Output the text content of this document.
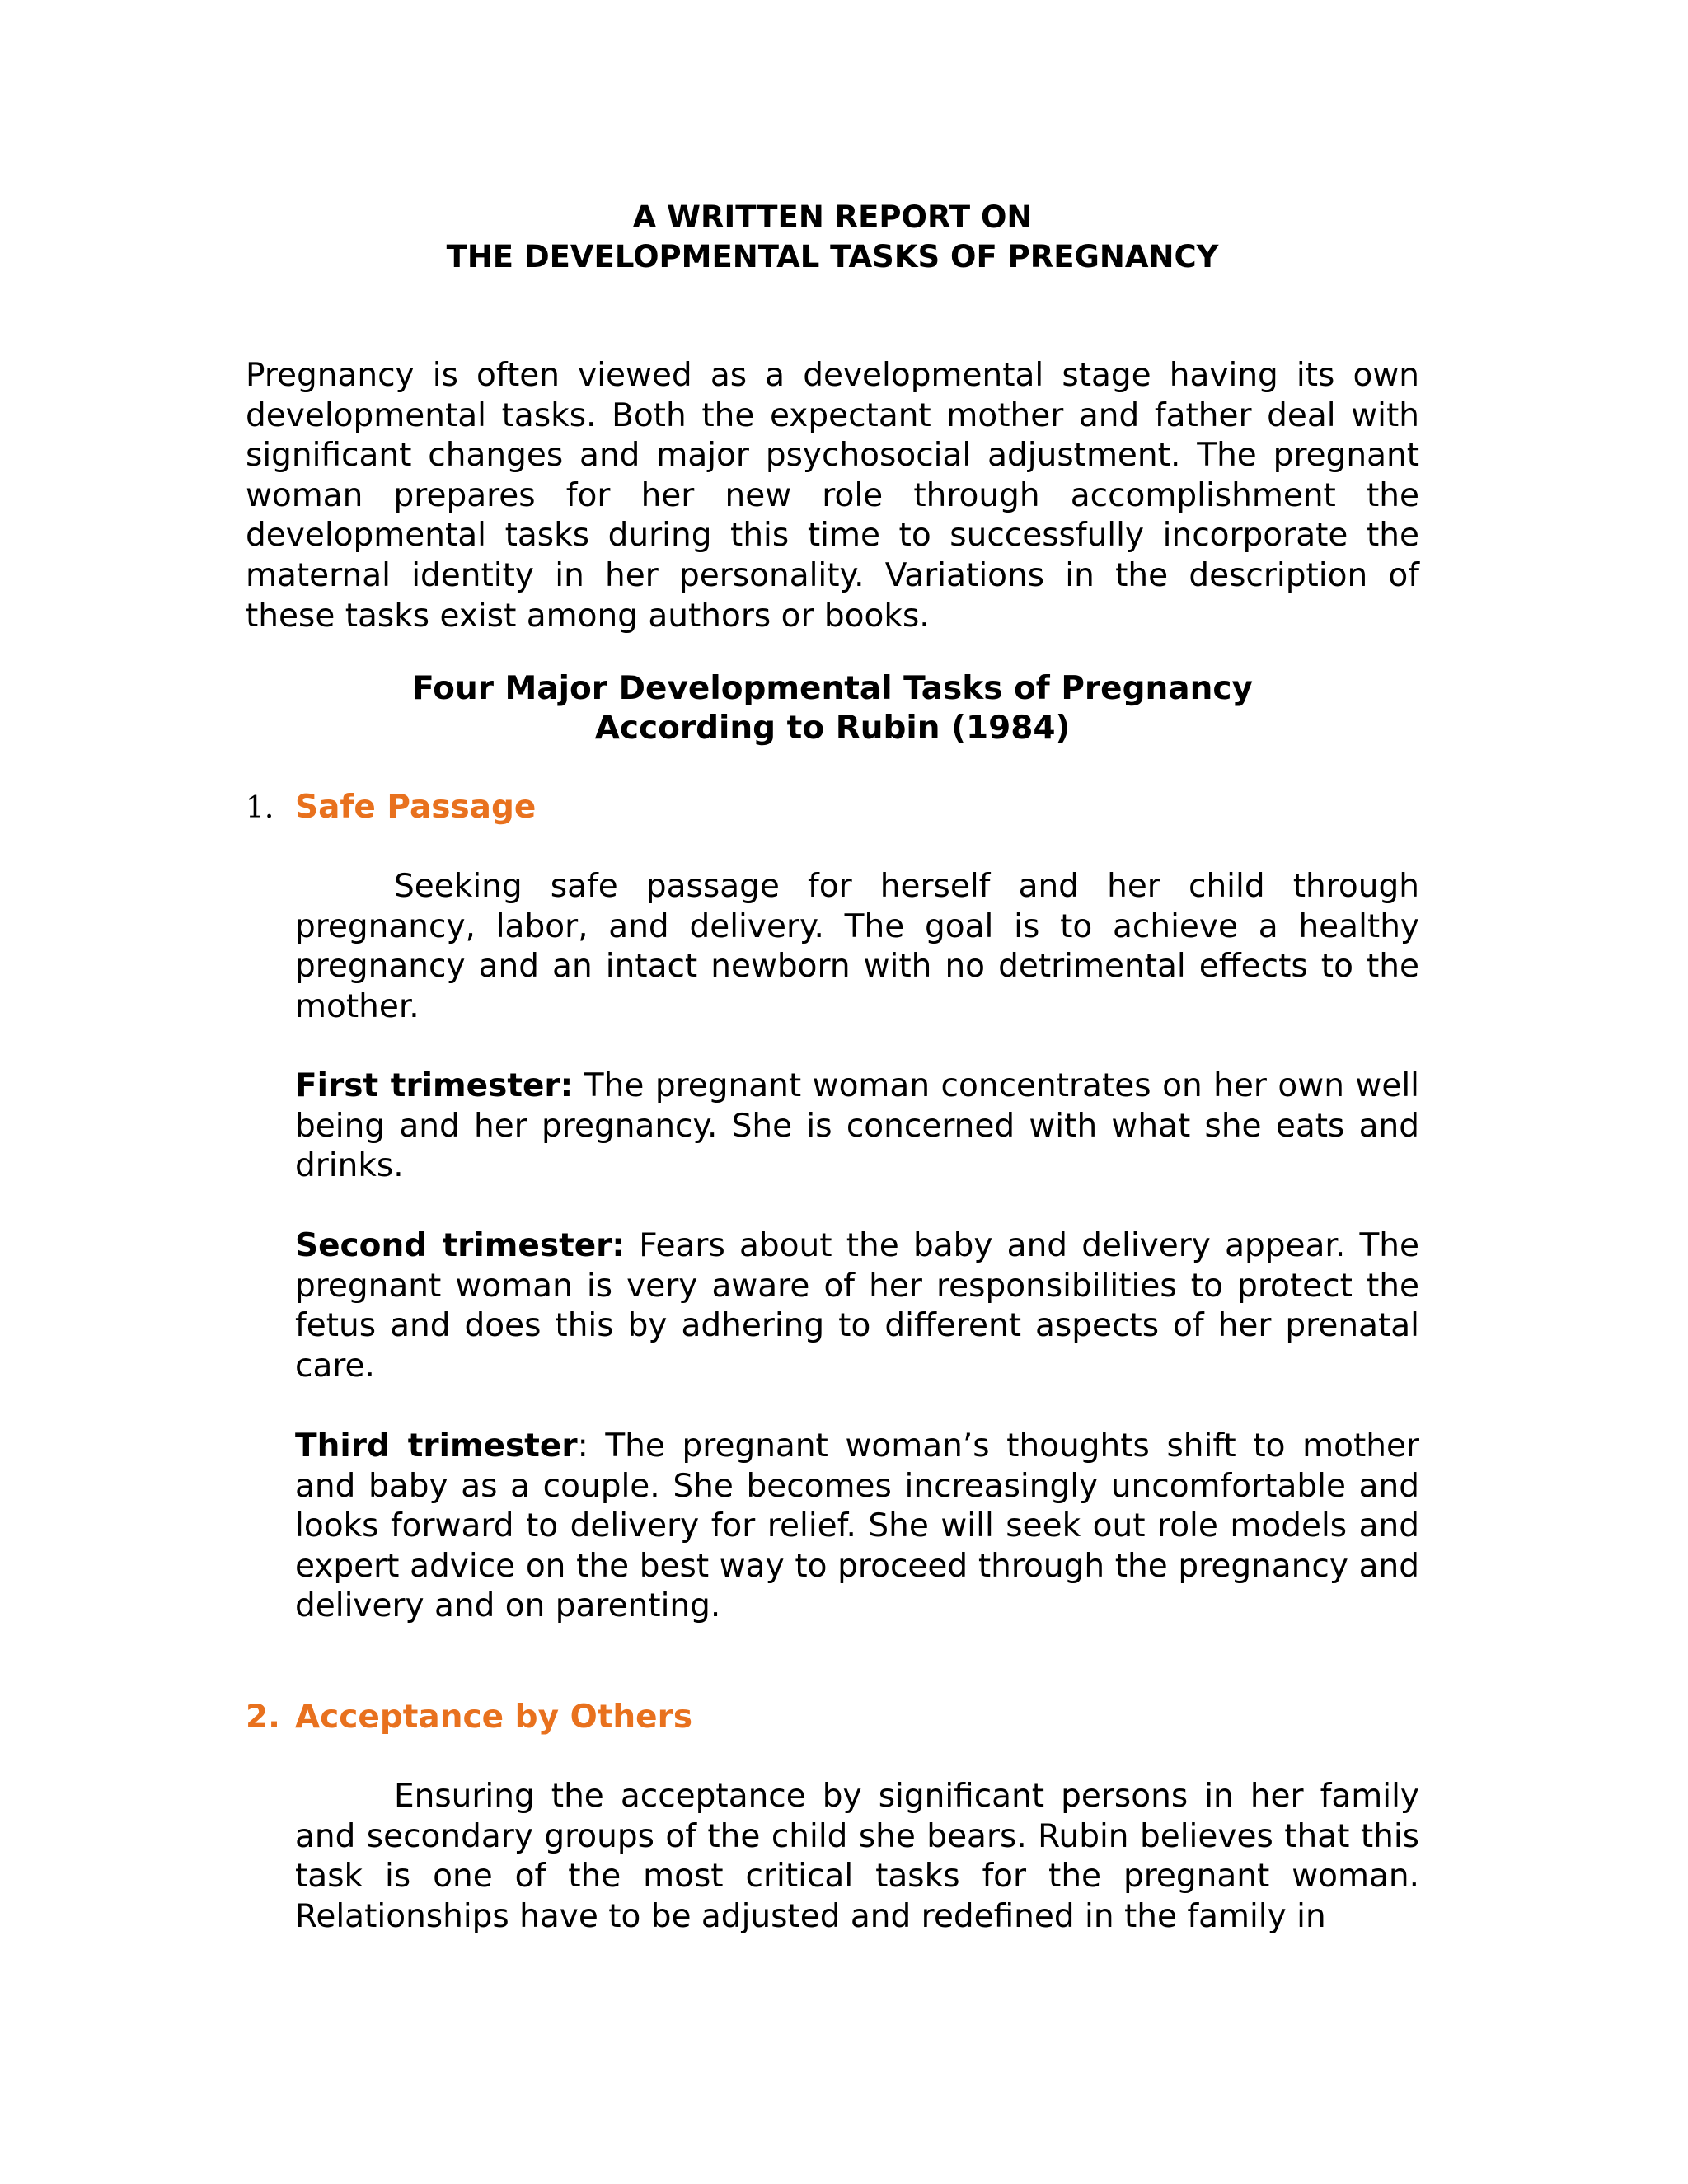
A WRITTEN REPORT ON
THE DEVELOPMENTAL TASKS OF PREGNANCY

Pregnancy is often viewed as a developmental stage having its own developmental tasks. Both the expectant mother and father deal with significant changes and major psychosocial adjustment. The pregnant woman prepares for her new role through accomplishment the developmental tasks during this time to successfully incorporate the maternal identity in her personality. Variations in the description of these tasks exist among authors or books.

Four Major Developmental Tasks of Pregnancy
According to Rubin (1984)
1. Safe Passage

Seeking safe passage for herself and her child through pregnancy, labor, and delivery. The goal is to achieve a healthy pregnancy and an intact newborn with no detrimental effects to the mother.

First trimester: The pregnant woman concentrates on her own well being and her pregnancy. She is concerned with what she eats and drinks.

Second trimester: Fears about the baby and delivery appear. The pregnant woman is very aware of her responsibilities to protect the fetus and does this by adhering to different aspects of her prenatal care.

Third trimester: The pregnant woman’s thoughts shift to mother and baby as a couple. She becomes increasingly uncomfortable and looks forward to delivery for relief. She will seek out role models and expert advice on the best way to proceed through the pregnancy and delivery and on parenting.

2. Acceptance by Others

Ensuring the acceptance by significant persons in her family and secondary groups of the child she bears. Rubin believes that this task is one of the most critical tasks for the pregnant woman. Relationships have to be adjusted and redefined in the family in
